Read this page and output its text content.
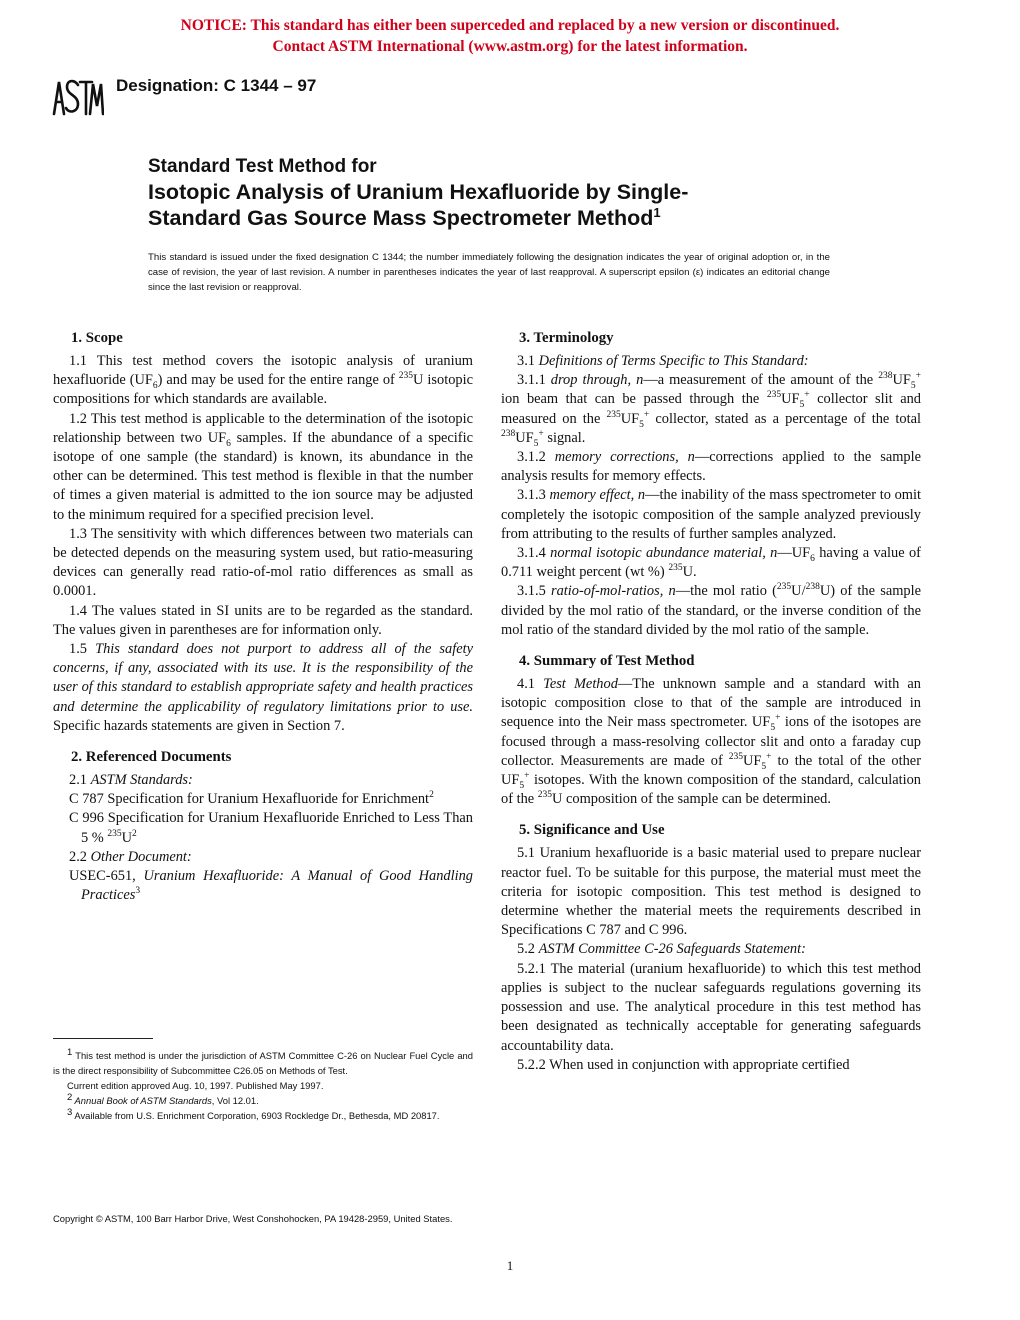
NOTICE: This standard has either been superceded and replaced by a new version or discontinued.
Contact ASTM International (www.astm.org) for the latest information.
ASTM	Designation: C 1344 – 97
Standard Test Method for
Isotopic Analysis of Uranium Hexafluoride by Single-
Standard Gas Source Mass Spectrometer Method$^1$
This standard is issued under the fixed designation C 1344; the number immediately following the designation indicates the year of original adoption or, in the case of revision, the year of last revision. A number in parentheses indicates the year of last reapproval. A superscript epsilon (ε) indicates an editorial change since the last revision or reapproval.
1. Scope

1.1 This test method covers the isotopic analysis of uranium hexafluoride $(UF_6)$ and may be used for the entire range of $^{235}$U isotopic compositions for which standards are available.

1.2 This test method is applicable to the determination of the isotopic relationship between two $UF_6$ samples. If the abundance of a specific isotope of one sample (the standard) is known, its abundance in the other can be determined. This test method is flexible in that the number of times a given material is admitted to the ion source may be adjusted to the minimum required for a specified precision level.

1.3 The sensitivity with which differences between two materials can be detected depends on the measuring system used, but ratio-measuring devices can generally read ratio-of-mol ratio differences as small as 0.0001.

1.4 The values stated in SI units are to be regarded as the standard. The values given in parentheses are for information only.

1.5 This standard does not purport to address all of the safety concerns, if any, associated with its use. It is the responsibility of the user of this standard to establish appropriate safety and health practices and determine the applicability of regulatory limitations prior to use. Specific hazards statements are given in Section 7.

2. Referenced Documents

2.1 ASTM Standards:

C 787 Specification for Uranium Hexafluoride for Enrichment$^2$

C 996 Specification for Uranium Hexafluoride Enriched to Less Than 5 % $^{235}U^2$

2.2 Other Document:

USEC-651, Uranium Hexafluoride: A Manual of Good Handling Practices$^3$

3. Terminology

3.1 Definitions of Terms Specific to This Standard:

3.1.1 drop through, n—a measurement of the amount of the $^{238}UF_5^+$ ion beam that can be passed through the $^{235}UF_5^+$ collector slit and measured on the $^{235}UF_5^+$ collector, stated as a percentage of the total $^{238}UF_5^+$ signal.

3.1.2 memory corrections, n—corrections applied to the sample analysis results for memory effects.

3.1.3 memory effect, n—the inability of the mass spectrometer to omit completely the isotopic composition of the sample analyzed previously from attributing to the results of further samples analyzed.

3.1.4 normal isotopic abundance material, $n—UF_6$ having a value of 0.711 weight percent (wt %) $^{235}$U.

3.1.5 ratio-of-mol-ratios, n—the mol ratio ($^{235}$U/$^{238}$U) of the sample divided by the mol ratio of the standard, or the inverse condition of the mol ratio of the standard divided by the mol ratio of the sample.

4. Summary of Test Method

4.1 Test Method—The unknown sample and a standard with an isotopic composition close to that of the sample are introduced in sequence into the Neir mass spectrometer. $UF_5^+$ ions of the isotopes are focused through a mass-resolving collector slit and onto a faraday cup collector. Measurements are made of $^{235}UF_5^+$ to the total of the other $UF_5^+$ isotopes. With the known composition of the standard, calculation of the $^{235}$U composition of the sample can be determined.

5. Significance and Use

5.1 Uranium hexafluoride is a basic material used to prepare nuclear reactor fuel. To be suitable for this purpose, the material must meet the criteria for isotopic composition. This test method is designed to determine whether the material meets the requirements described in Specifications C 787 and C 996.

5.2 ASTM Committee C-26 Safeguards Statement:

5.2.1 The material (uranium hexafluoride) to which this test method applies is subject to the nuclear safeguards regulations governing its possession and use. The analytical procedure in this test method has been designated as technically acceptable for generating safeguards accountability data.

5.2.2 When used in conjunction with appropriate certified

$^1$ This test method is under the jurisdiction of ASTM Committee C-26 on Nuclear Fuel Cycle and is the direct responsibility of Subcommittee C26.05 on Methods of Test.
Current edition approved Aug. 10, 1997. Published May 1997.
$^2$ Annual Book of ASTM Standards, Vol 12.01.
$^3$ Available from U.S. Enrichment Corporation, 6903 Rockledge Dr., Bethesda, MD 20817.
Copyright © ASTM, 100 Barr Harbor Drive, West Conshohocken, PA 19428-2959, United States.
1
